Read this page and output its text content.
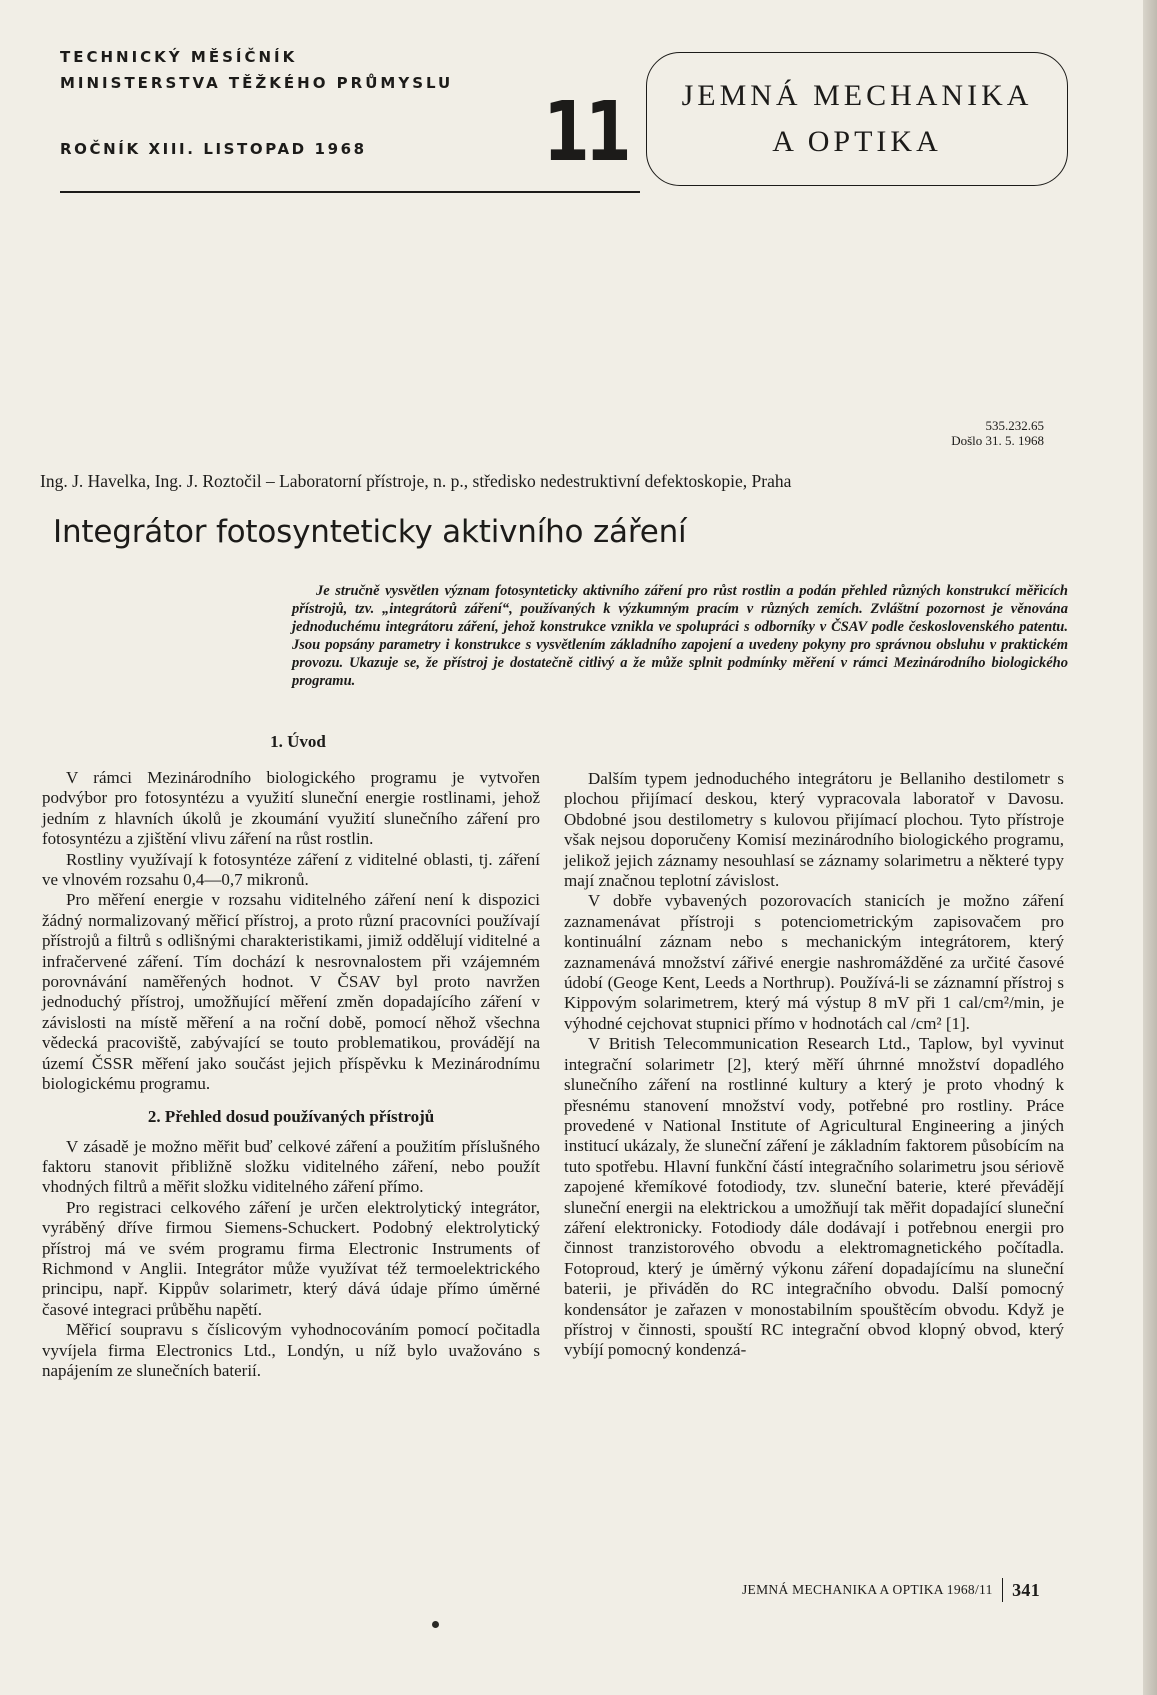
TECHNICKÝ MĚSÍČNÍK
MINISTERSTVA TĚŽKÉHO PRŮMYSLU
ROČNÍK XIII. LISTOPAD 1968	11	JEMNÁ MECHANIKA
A OPTIKA
535.232.65
Došlo 31. 5. 1968
Ing. J. Havelka, Ing. J. Roztočil – Laboratorní přístroje, n. p., středisko nedestruktivní defektoskopie, Praha
Integrátor fotosynteticky aktivního záření

Je stručně vysvětlen význam fotosynteticky aktivního záření pro růst rostlin a podán přehled různých konstrukcí měřicích přístrojů, tzv. „integrátorů záření“, používaných k výzkumným pracím v různých zemích. Zvláštní pozornost je věnována jednoduchému integrátoru záření, jehož konstrukce vznikla ve spolupráci s odborníky v ČSAV podle československého patentu. Jsou popsány parametry i konstrukce s vysvětlením základního zapojení a uvedeny pokyny pro správnou obsluhu v praktickém provozu. Ukazuje se, že přístroj je dostatečně citlivý a že může splnit podmínky měření v rámci Mezinárodního biologického programu.

1. Úvod

V rámci Mezinárodního biologického programu je vytvořen podvýbor pro fotosyntézu a využití sluneční energie rostlinami, jehož jedním z hlavních úkolů je zkoumání využití slunečního záření pro fotosyntézu a zjištění vlivu záření na růst rostlin.

Rostliny využívají k fotosyntéze záření z viditelné oblasti, tj. záření ve vlnovém rozsahu 0,4—0,7 mikronů.

Pro měření energie v rozsahu viditelného záření není k dispozici žádný normalizovaný měřicí přístroj, a proto různí pracovníci používají přístrojů a filtrů s odlišnými charakteristikami, jimiž oddělují viditelné a infračervené záření. Tím dochází k nesrovnalostem při vzájemném porovnávání naměřených hodnot. V ČSAV byl proto navržen jednoduchý přístroj, umožňující měření změn dopadajícího záření v závislosti na místě měření a na roční době, pomocí něhož všechna vědecká pracoviště, zabývající se touto problematikou, provádějí na území ČSSR měření jako součást jejich příspěvku k Mezinárodnímu biologickému programu.

2. Přehled dosud používaných přístrojů

V zásadě je možno měřit buď celkové záření a použitím příslušného faktoru stanovit přibližně složku viditelného záření, nebo použít vhodných filtrů a měřit složku viditelného záření přímo.

Pro registraci celkového záření je určen elektrolytický integrátor, vyráběný dříve firmou Siemens-Schuckert. Podobný elektrolytický přístroj má ve svém programu firma Electronic Instruments of Richmond v Anglii. Integrátor může využívat též termoelektrického principu, např. Kippův solarimetr, který dává údaje přímo úměrné časové integraci průběhu napětí.

Měřicí soupravu s číslicovým vyhodnocováním pomocí počitadla vyvíjela firma Electronics Ltd., Londýn, u níž bylo uvažováno s napájením ze slunečních baterií.

Dalším typem jednoduchého integrátoru je Bellaniho destilometr s plochou přijímací deskou, který vypracovala laboratoř v Davosu. Obdobné jsou destilometry s kulovou přijímací plochou. Tyto přístroje však nejsou doporučeny Komisí mezinárodního biologického programu, jelikož jejich záznamy nesouhlasí se záznamy solarimetru a některé typy mají značnou teplotní závislost.

V dobře vybavených pozorovacích stanicích je možno záření zaznamenávat přístroji s potenciometrickým zapisovačem pro kontinuální záznam nebo s mechanickým integrátorem, který zaznamenává množství zářivé energie nashromážděné za určité časové údobí (Geoge Kent, Leeds a Northrup). Používá-li se záznamní přístroj s Kippovým solarimetrem, který má výstup 8 mV při 1 cal/cm²/min, je výhodné cejchovat stupnici přímo v hodnotách cal /cm² [1].

V British Telecommunication Research Ltd., Taplow, byl vyvinut integrační solarimetr [2], který měří úhrnné množství dopadlého slunečního záření na rostlinné kultury a který je proto vhodný k přesnému stanovení množství vody, potřebné pro rostliny. Práce provedené v National Institute of Agricultural Engineering a jiných institucí ukázaly, že sluneční záření je základním faktorem působícím na tuto spotřebu. Hlavní funkční částí integračního solarimetru jsou sériově zapojené křemíkové fotodiody, tzv. sluneční baterie, které převádějí sluneční energii na elektrickou a umožňují tak měřit dopadající sluneční záření elektronicky. Fotodiody dále dodávají i potřebnou energii pro činnost tranzistorového obvodu a elektromagnetického počítadla. Fotoproud, který je úměrný výkonu záření dopadajícímu na sluneční baterii, je přiváděn do RC integračního obvodu. Další pomocný kondensátor je zařazen v monostabilním spouštěcím obvodu. Když je přístroj v činnosti, spouští RC integrační obvod klopný obvod, který vybíjí pomocný kondenzá-

JEMNÁ MECHANIKA A OPTIKA 1968/11 341
